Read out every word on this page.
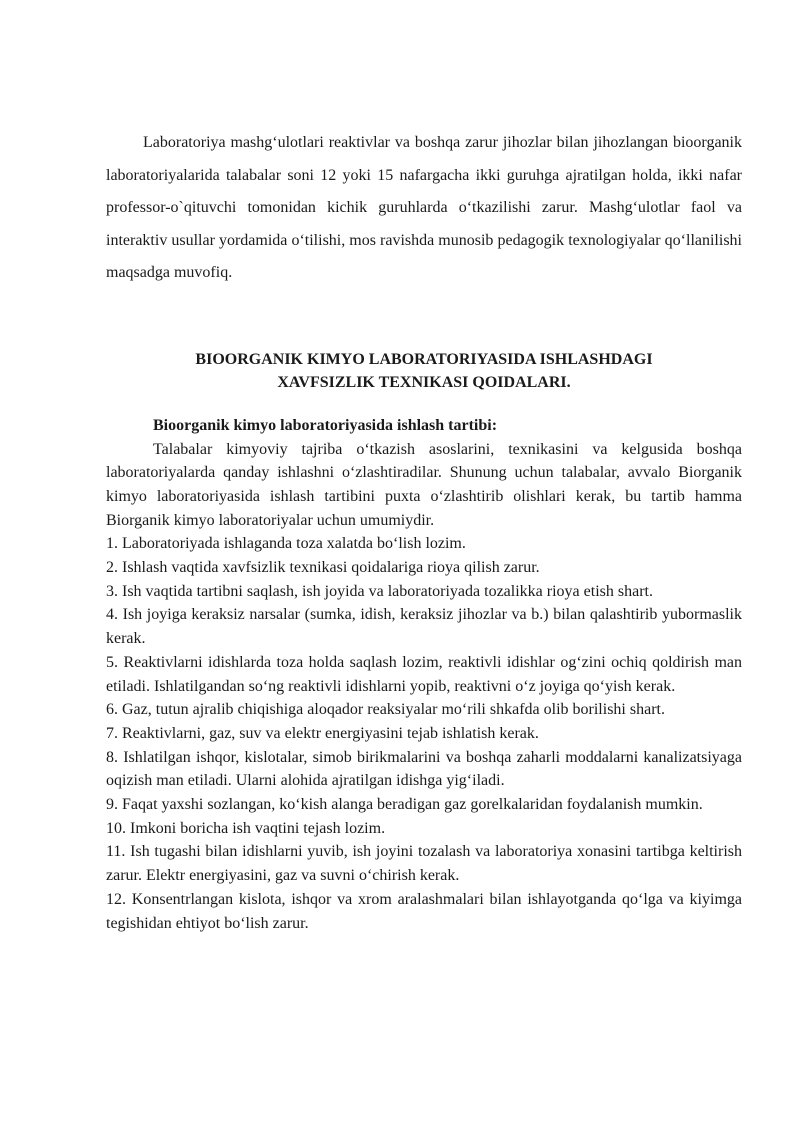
Laboratoriya mashg‘ulotlari reaktivlar va boshqa zarur jihozlar bilan jihozlangan bioorganik laboratoriyalarida talabalar soni 12 yoki 15 nafargacha ikki guruhga ajratilgan holda, ikki nafar professor-o`qituvchi tomonidan kichik guruhlarda o‘tkazilishi zarur. Mashg‘ulotlar faol va interaktiv usullar yordamida o‘tilishi, mos ravishda munosib pedagogik texnologiyalar qo‘llanilishi maqsadga muvofiq.

BIOORGANIK KIMYO LABORATORIYASIDA ISHLASHDAGI
XAVFSIZLIK TEXNIKASI QOIDALARI.

Bioorganik kimyo laboratoriyasida ishlash tartibi:

Talabalar kimyoviy tajriba o‘tkazish asoslarini, texnikasini va kelgusida boshqa laboratoriyalarda qanday ishlashni o‘zlashtiradilar. Shunung uchun talabalar, avvalo Biorganik kimyo laboratoriyasida ishlash tartibini puxta o‘zlashtirib olishlari kerak, bu tartib hamma Biorganik kimyo laboratoriyalar uchun umumiydir.

1. Laboratoriyada ishlaganda toza xalatda bo‘lish lozim.
2. Ishlash vaqtida xavfsizlik texnikasi qoidalariga rioya qilish zarur.
3. Ish vaqtida tartibni saqlash, ish joyida va laboratoriyada tozalikka rioya etish shart.
4. Ish joyiga keraksiz narsalar (sumka, idish, keraksiz jihozlar va b.) bilan qalashtirib yubormaslik kerak.
5. Reaktivlarni idishlarda toza holda saqlash lozim, reaktivli idishlar og‘zini ochiq qoldirish man etiladi. Ishlatilgandan so‘ng reaktivli idishlarni yopib, reaktivni o‘z joyiga qo‘yish kerak.
6. Gaz, tutun ajralib chiqishiga aloqador reaksiyalar mo‘rili shkafda olib borilishi shart.
7. Reaktivlarni, gaz, suv va elektr energiyasini tejab ishlatish kerak.
8. Ishlatilgan ishqor, kislotalar, simob birikmalarini va boshqa zaharli moddalarni kanalizatsiyaga oqizish man etiladi. Ularni alohida ajratilgan idishga yig‘iladi.
9. Faqat yaxshi sozlangan, ko‘kish alanga beradigan gaz gorelkalaridan foydalanish mumkin.
10. Imkoni boricha ish vaqtini tejash lozim.
11. Ish tugashi bilan idishlarni yuvib, ish joyini tozalash va laboratoriya xonasini tartibga keltirish zarur. Elektr energiyasini, gaz va suvni o‘chirish kerak.
12. Konsentrlangan kislota, ishqor va xrom aralashmalari bilan ishlayotganda qo‘lga va kiyimga tegishidan ehtiyot bo‘lish zarur.
